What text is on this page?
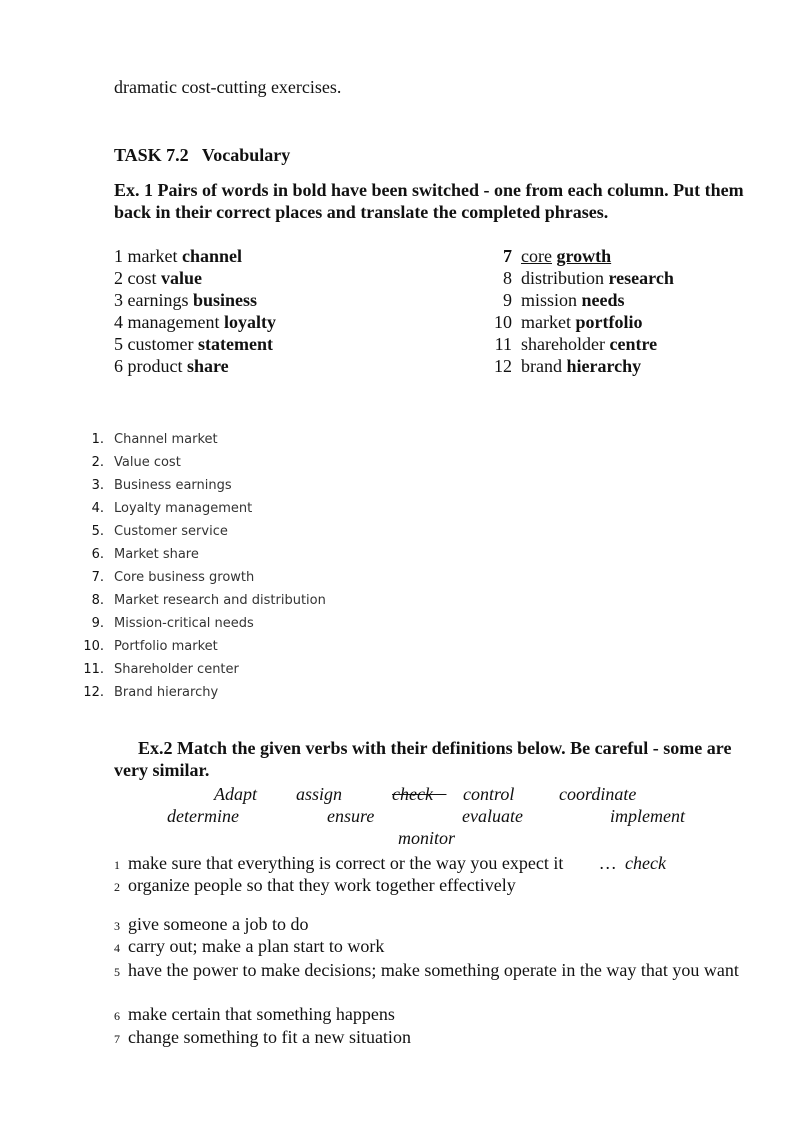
dramatic cost-cutting exercises.
TASK 7.2   Vocabulary
Ex. 1 Pairs of words in bold have been switched - one from each column. Put them back in their correct places and translate the completed phrases.
1 market channel
2 cost value
3 earnings business
4 management loyalty
5 customer statement
6 product share
7 core growth
8 distribution research
9 mission needs
10 market portfolio
11 shareholder centre
12 brand hierarchy
1. Channel market
2. Value cost
3. Business earnings
4. Loyalty management
5. Customer service
6. Market share
7. Core business growth
8. Market research and distribution
9. Mission-critical needs
10. Portfolio market
11. Shareholder center
12. Brand hierarchy
Ex.2 Match the given verbs with their definitions below. Be careful - some are very similar.
Adapt assign	check	control coordinate
determine	ensure	evaluate	implement
monitor
1 make sure that everything is correct or the way you expect it …  check
2 organize people so that they work together effectively
3 give someone a job to do
4 carry out; make a plan start to work
5 have the power to make decisions; make something operate in the way that you want
6 make certain that something happens
7 change something to fit a new situation
